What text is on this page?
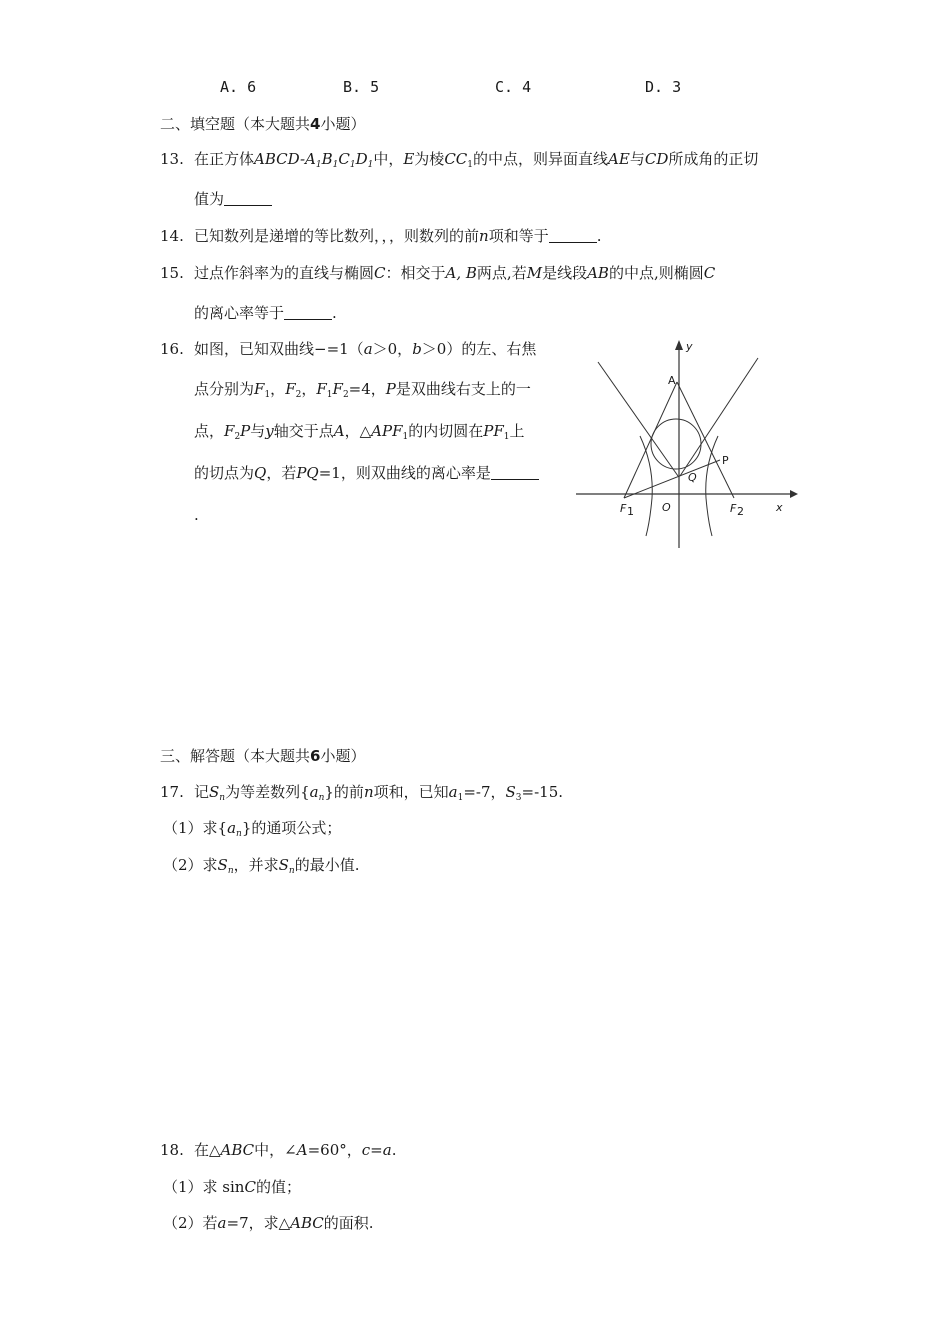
A. 6	B. 5	C. 4	D. 3
二、填空题（本大题共4小题）
13. 在正方体ABCD-$A_1B_1C_1D_1$中，E为棱$CC_1$的中点，则异面直线AE与CD所成角的正切
值为
14. 已知数列是递增的等比数列，，，则数列的前n项和等于	.
15. 过点作斜率为的直线与椭圆C：相交于A, B两点,若M是线段AB的中点,则椭圆C
的离心率等于	.
16. 如图，已知双曲线−=1（a＞0，b＞0）的左、右焦
点分别为$F_1$，$F_2$，$F_1F_2=4$，P是双曲线右支上的一
点，$F_2P$与y轴交于点A，$\triangle APF_1$的内切圆在$PF_1$上
的切点为Q，若PQ=1，则双曲线的离心率是
.
y
x
A
P
Q
O
F 1	F 2
三、解答题（本大题共6小题）
17. 记$S_n$为等差数列$\{a_n\}$的前n项和，已知$a_1=-7$，$S_3=-15$.
（1）求$\{a_n\}$的通项公式；
（2）求$S_n$，并求$S_n$的最小值.
18. 在△ABC中，∠A=60°，c=a.
（1）求 sinC的值；
（2）若a=7，求△ABC的面积.
